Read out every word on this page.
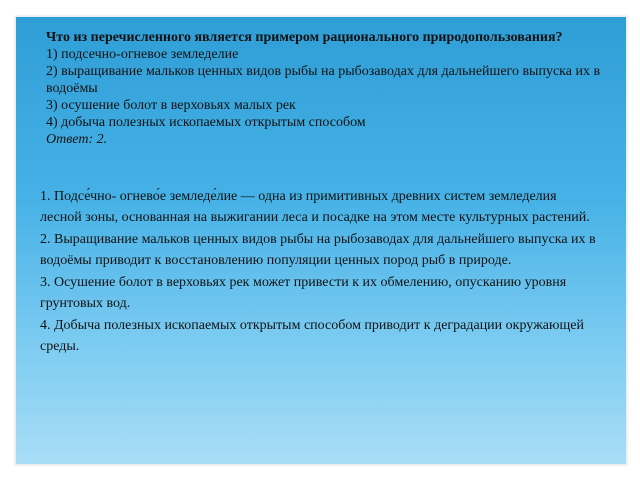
Что из перечисленного является примером рационального природопользования?

1) подсечно-огневое земледелие

2) выращивание мальков ценных видов рыбы на рыбозаводах для дальнейшего выпуска их в водоёмы

3) осушение болот в верховьях малых рек

4) добыча полезных ископаемых открытым способом

Ответ: 2.

1. Подсе́чно- огнево́е земледе́лие — одна из примитивных древних систем земледелия лесной зоны, основанная на выжигании леса и посадке на этом месте культурных растений.

2. Выращивание мальков ценных видов рыбы на рыбозаводах для дальнейшего выпуска их в водоёмы приводит к восстановлению популяции ценных пород рыб в природе.

3. Осушение болот в верховьях рек может привести к их обмелению, опусканию уровня грунтовых вод.

4. Добыча полезных ископаемых открытым способом приводит к деградации окружающей среды.
